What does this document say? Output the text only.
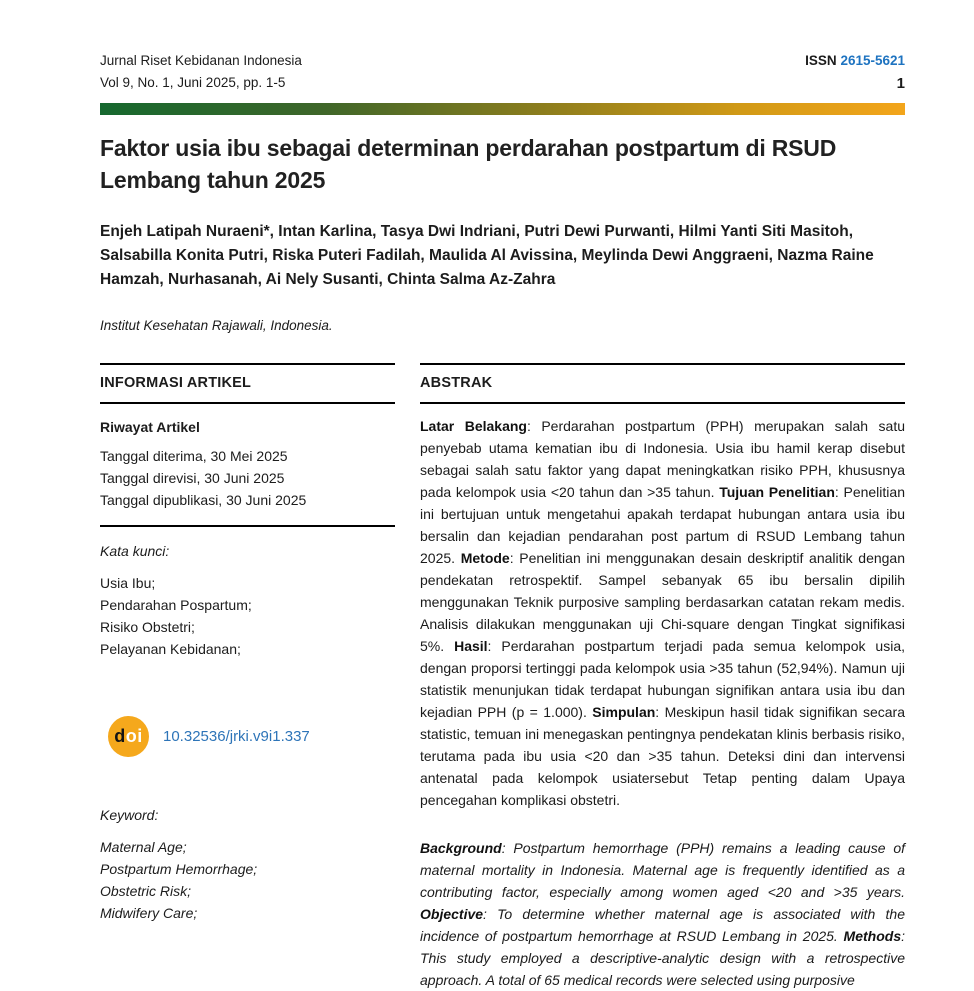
Jurnal Riset Kebidanan Indonesia
Vol 9, No. 1, Juni 2025, pp. 1-5
ISSN 2615-5621
1
Faktor usia ibu sebagai determinan perdarahan postpartum di RSUD Lembang tahun 2025
Enjeh Latipah Nuraeni*, Intan Karlina, Tasya Dwi Indriani, Putri Dewi Purwanti, Hilmi Yanti Siti Masitoh, Salsabilla Konita Putri, Riska Puteri Fadilah, Maulida Al Avissina, Meylinda Dewi Anggraeni, Nazma Raine Hamzah, Nurhasanah, Ai Nely Susanti, Chinta Salma Az-Zahra
Institut Kesehatan Rajawali, Indonesia.
INFORMASI ARTIKEL
Riwayat Artikel
Tanggal diterima, 30 Mei 2025
Tanggal direvisi, 30 Juni 2025
Tanggal dipublikasi, 30 Juni 2025
Kata kunci:
Usia Ibu;
Pendarahan Pospartum;
Risiko Obstetri;
Pelayanan Kebidanan;
d oi 10.32536/jrki.v9i1.337
Keyword:
Maternal Age;
Postpartum Hemorrhage;
Obstetric Risk;
Midwifery Care;
ABSTRAK

Latar Belakang: Perdarahan postpartum (PPH) merupakan salah satu penyebab utama kematian ibu di Indonesia. Usia ibu hamil kerap disebut sebagai salah satu faktor yang dapat meningkatkan risiko PPH, khususnya pada kelompok usia <20 tahun dan >35 tahun. Tujuan Penelitian: Penelitian ini bertujuan untuk mengetahui apakah terdapat hubungan antara usia ibu bersalin dan kejadian pendarahan post partum di RSUD Lembang tahun 2025. Metode: Penelitian ini menggunakan desain deskriptif analitik dengan pendekatan retrospektif. Sampel sebanyak 65 ibu bersalin dipilih menggunakan Teknik purposive sampling berdasarkan catatan rekam medis. Analisis dilakukan menggunakan uji Chi-square dengan Tingkat signifikasi 5%. Hasil: Perdarahan postpartum terjadi pada semua kelompok usia, dengan proporsi tertinggi pada kelompok usia >35 tahun (52,94%). Namun uji statistik menunjukan tidak terdapat hubungan signifikan antara usia ibu dan kejadian PPH (p = 1.000). Simpulan: Meskipun hasil tidak signifikan secara statistic, temuan ini menegaskan pentingnya pendekatan klinis berbasis risiko, terutama pada ibu usia <20 dan >35 tahun. Deteksi dini dan intervensi antenatal pada kelompok usiatersebut Tetap penting dalam Upaya pencegahan komplikasi obstetri.

Background: Postpartum hemorrhage (PPH) remains a leading cause of maternal mortality in Indonesia. Maternal age is frequently identified as a contributing factor, especially among women aged <20 and >35 years. Objective: To determine whether maternal age is associated with the incidence of postpartum hemorrhage at RSUD Lembang in 2025. Methods: This study employed a descriptive-analytic design with a retrospective approach. A total of 65 medical records were selected using purposive
